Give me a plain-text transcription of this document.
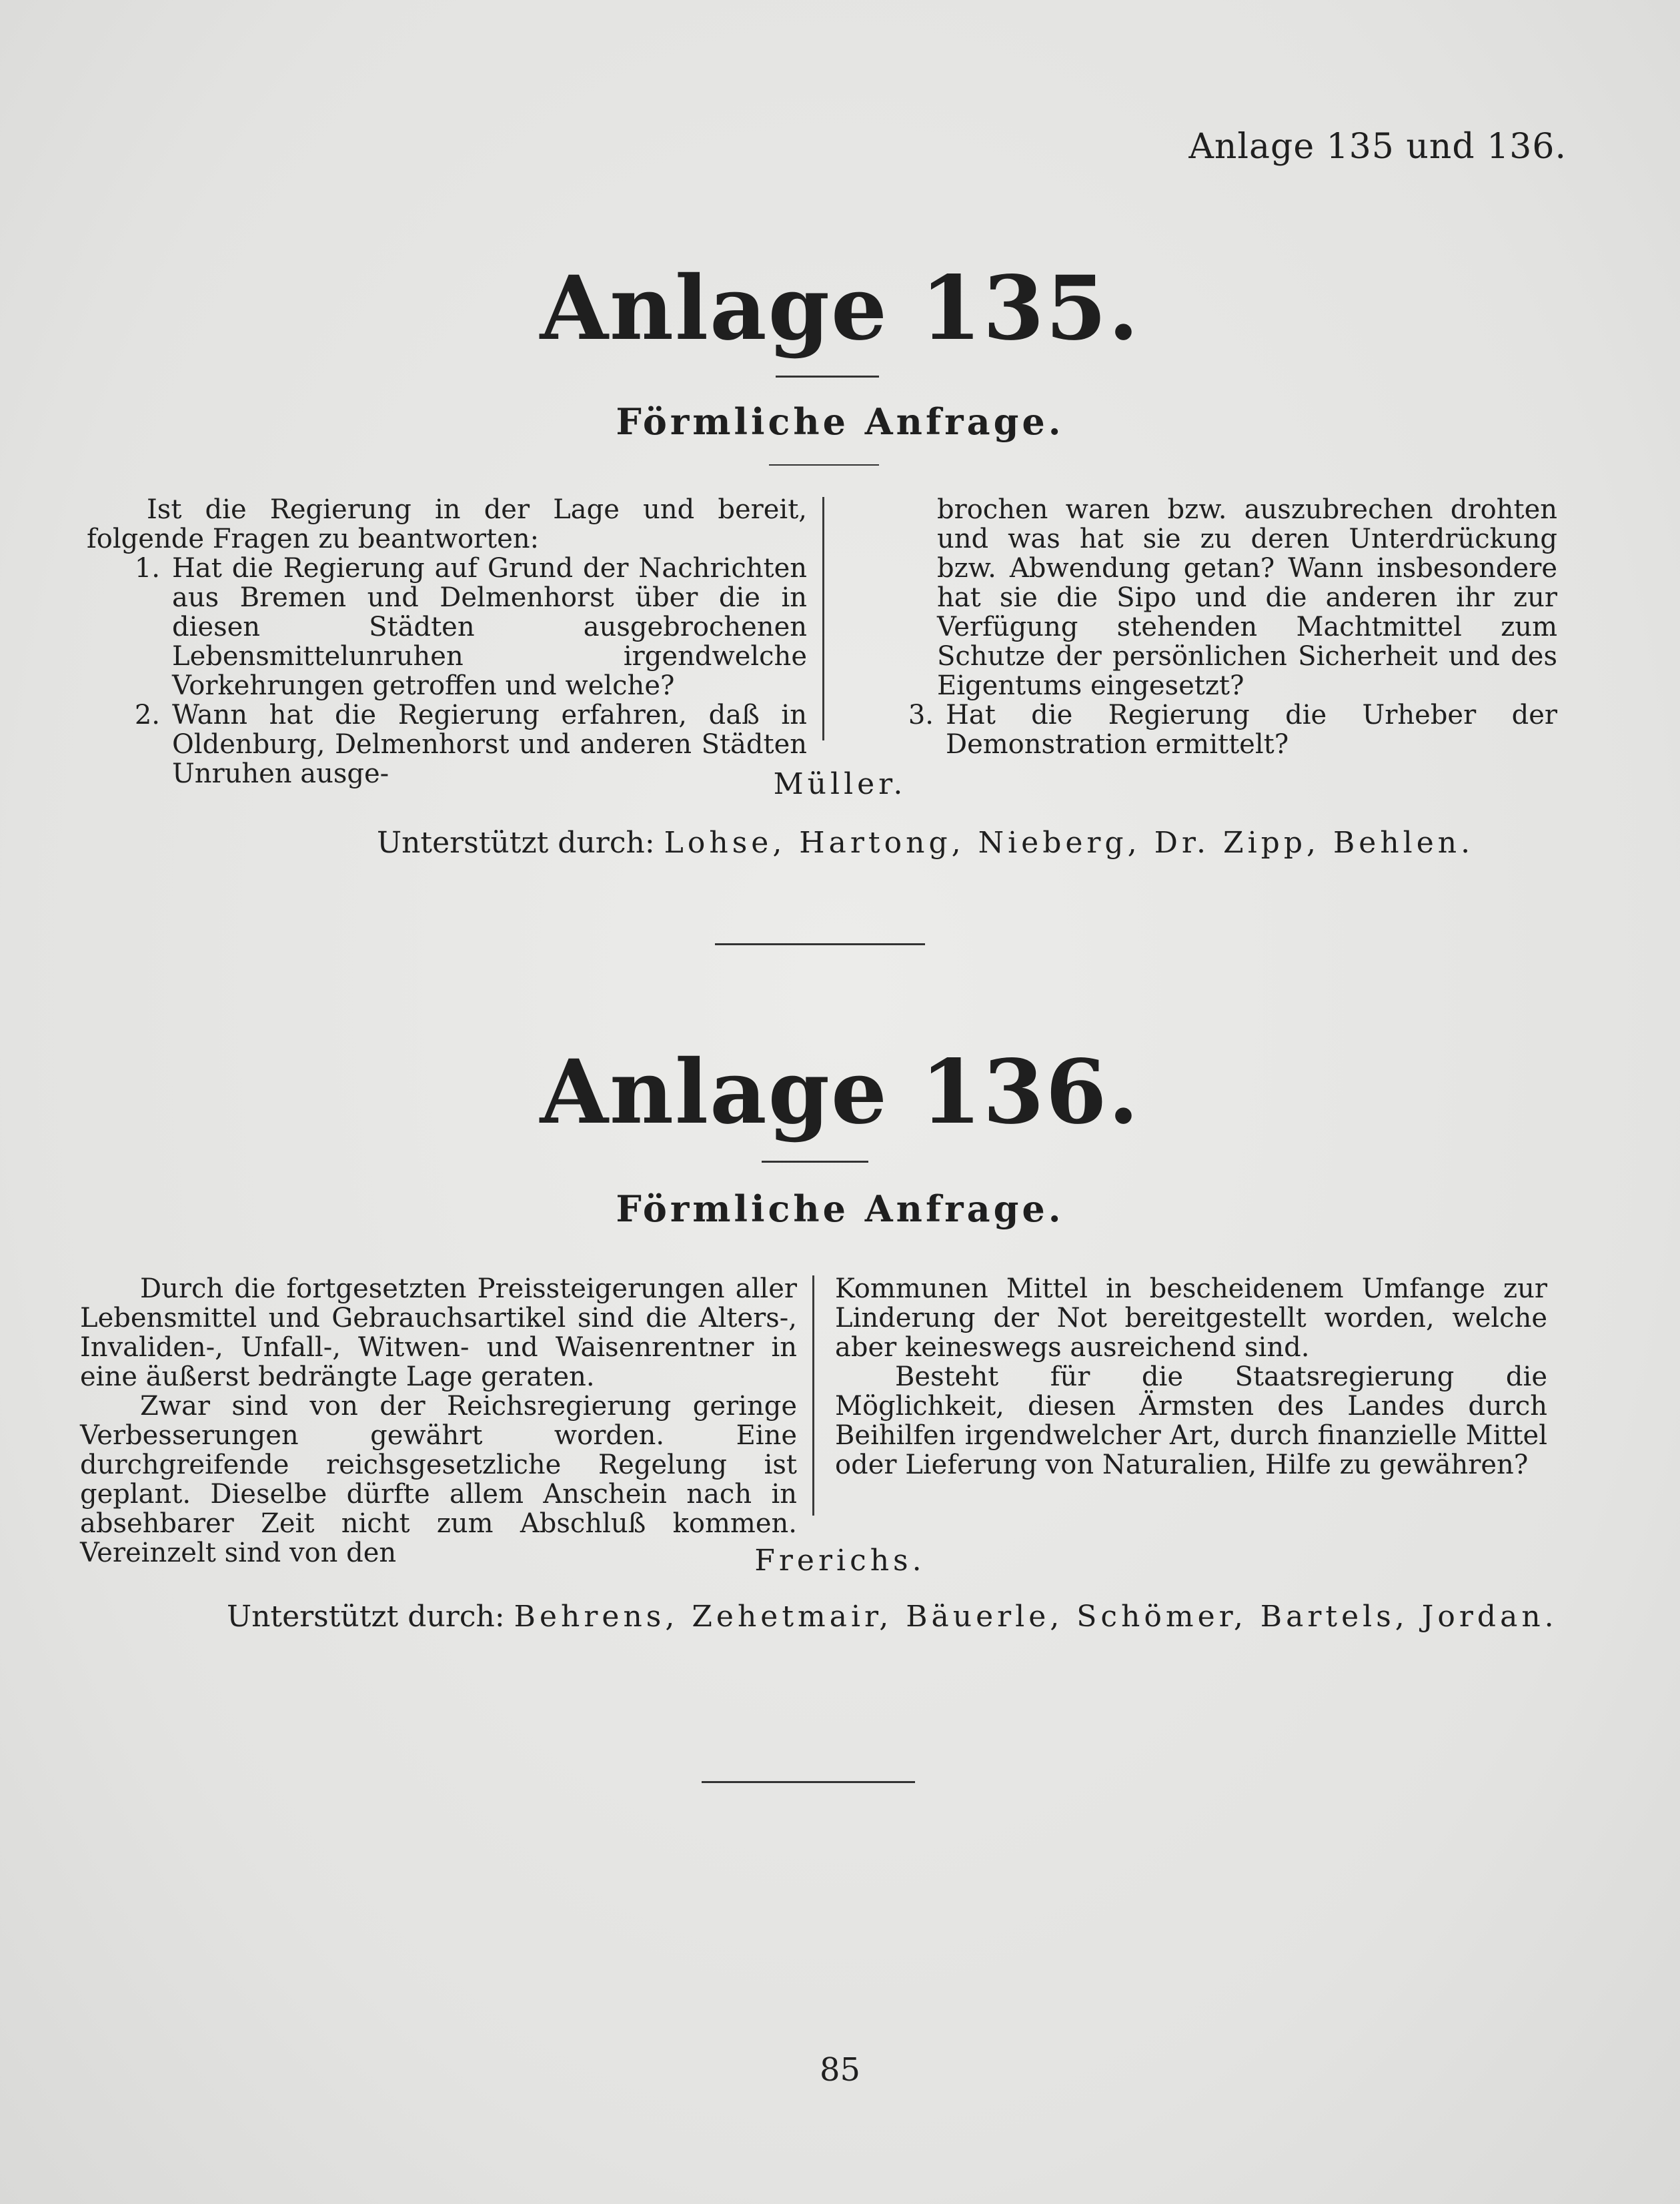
Anlage 135 und 136.
Anlage 135.
Förmliche Anfrage.

Ist die Regierung in der Lage und bereit, folgende Fragen zu beantworten:

1. Hat die Regierung auf Grund der Nachrichten aus Bremen und Delmenhorst über die in diesen Städten ausgebrochenen Lebensmittelunruhen irgendwelche Vorkehrungen getroffen und welche?
2. Wann hat die Regierung erfahren, daß in Oldenburg, Delmenhorst und anderen Städten Unruhen ausge-

brochen waren bzw. auszubrechen drohten und was hat sie zu deren Unterdrückung bzw. Abwendung getan? Wann insbesondere hat sie die Sipo und die anderen ihr zur Verfügung stehenden Machtmittel zum Schutze der persönlichen Sicherheit und des Eigentums eingesetzt?

3. Hat die Regierung die Urheber der Demonstration ermittelt?
Müller.
Unterstützt durch: Lohse, Hartong, Nieberg, Dr. Zipp, Behlen.
Anlage 136.
Förmliche Anfrage.

Durch die fortgesetzten Preissteigerungen aller Lebensmittel und Gebrauchsartikel sind die Alters-, Invaliden-, Unfall-, Witwen- und Waisenrentner in eine äußerst bedrängte Lage geraten.

Zwar sind von der Reichsregierung geringe Verbesserungen gewährt worden. Eine durchgreifende reichsgesetzliche Regelung ist geplant. Dieselbe dürfte allem Anschein nach in absehbarer Zeit nicht zum Abschluß kommen. Vereinzelt sind von den

Kommunen Mittel in bescheidenem Umfange zur Linderung der Not bereitgestellt worden, welche aber keineswegs ausreichend sind.

Besteht für die Staatsregierung die Möglichkeit, diesen Ärmsten des Landes durch Beihilfen irgendwelcher Art, durch finanzielle Mittel oder Lieferung von Naturalien, Hilfe zu gewähren?

Frerichs.
Unterstützt durch: Behrens, Zehetmair, Bäuerle, Schömer, Bartels, Jordan.
85
